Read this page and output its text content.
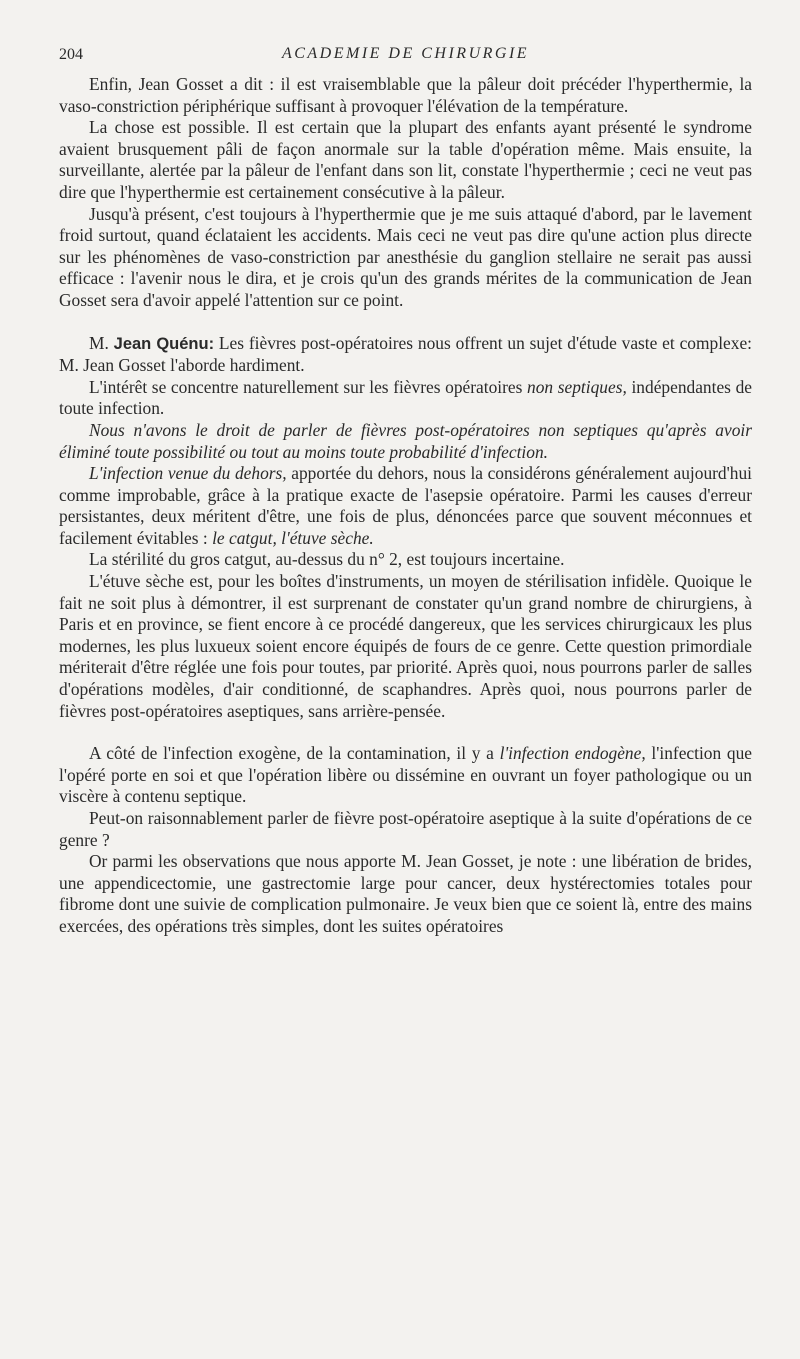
204	ACADEMIE DE CHIRURGIE

Enfin, Jean Gosset a dit : il est vraisemblable que la pâleur doit précéder l'hyperthermie, la vaso-constriction périphérique suffisant à provoquer l'élévation de la température.

La chose est possible. Il est certain que la plupart des enfants ayant présenté le syndrome avaient brusquement pâli de façon anormale sur la table d'opération même. Mais ensuite, la surveillante, alertée par la pâleur de l'enfant dans son lit, constate l'hyperthermie ; ceci ne veut pas dire que l'hyperthermie est certainement consécutive à la pâleur.

Jusqu'à présent, c'est toujours à l'hyperthermie que je me suis attaqué d'abord, par le lavement froid surtout, quand éclataient les accidents. Mais ceci ne veut pas dire qu'une action plus directe sur les phénomènes de vaso-constriction par anesthésie du ganglion stellaire ne serait pas aussi efficace : l'avenir nous le dira, et je crois qu'un des grands mérites de la communication de Jean Gosset sera d'avoir appelé l'attention sur ce point.

M. Jean Quénu: Les fièvres post-opératoires nous offrent un sujet d'étude vaste et complexe: M. Jean Gosset l'aborde hardiment.

L'intérêt se concentre naturellement sur les fièvres opératoires non septiques, indépendantes de toute infection.

Nous n'avons le droit de parler de fièvres post-opératoires non septiques qu'après avoir éliminé toute possibilité ou tout au moins toute probabilité d'infection.

L'infection venue du dehors, apportée du dehors, nous la considérons généralement aujourd'hui comme improbable, grâce à la pratique exacte de l'asepsie opératoire. Parmi les causes d'erreur persistantes, deux méritent d'être, une fois de plus, dénoncées parce que souvent méconnues et facilement évitables : le catgut, l'étuve sèche.

La stérilité du gros catgut, au-dessus du n° 2, est toujours incertaine.

L'étuve sèche est, pour les boîtes d'instruments, un moyen de stérilisation infidèle. Quoique le fait ne soit plus à démontrer, il est surprenant de constater qu'un grand nombre de chirurgiens, à Paris et en province, se fient encore à ce procédé dangereux, que les services chirurgicaux les plus modernes, les plus luxueux soient encore équipés de fours de ce genre. Cette question primordiale mériterait d'être réglée une fois pour toutes, par priorité. Après quoi, nous pourrons parler de salles d'opérations modèles, d'air conditionné, de scaphandres. Après quoi, nous pourrons parler de fièvres post-opératoires aseptiques, sans arrière-pensée.

A côté de l'infection exogène, de la contamination, il y a l'infection endogène, l'infection que l'opéré porte en soi et que l'opération libère ou dissémine en ouvrant un foyer pathologique ou un viscère à contenu septique.

Peut-on raisonnablement parler de fièvre post-opératoire aseptique à la suite d'opérations de ce genre ?

Or parmi les observations que nous apporte M. Jean Gosset, je note : une libération de brides, une appendicectomie, une gastrectomie large pour cancer, deux hystérectomies totales pour fibrome dont une suivie de complication pulmonaire. Je veux bien que ce soient là, entre des mains exercées, des opérations très simples, dont les suites opératoires
